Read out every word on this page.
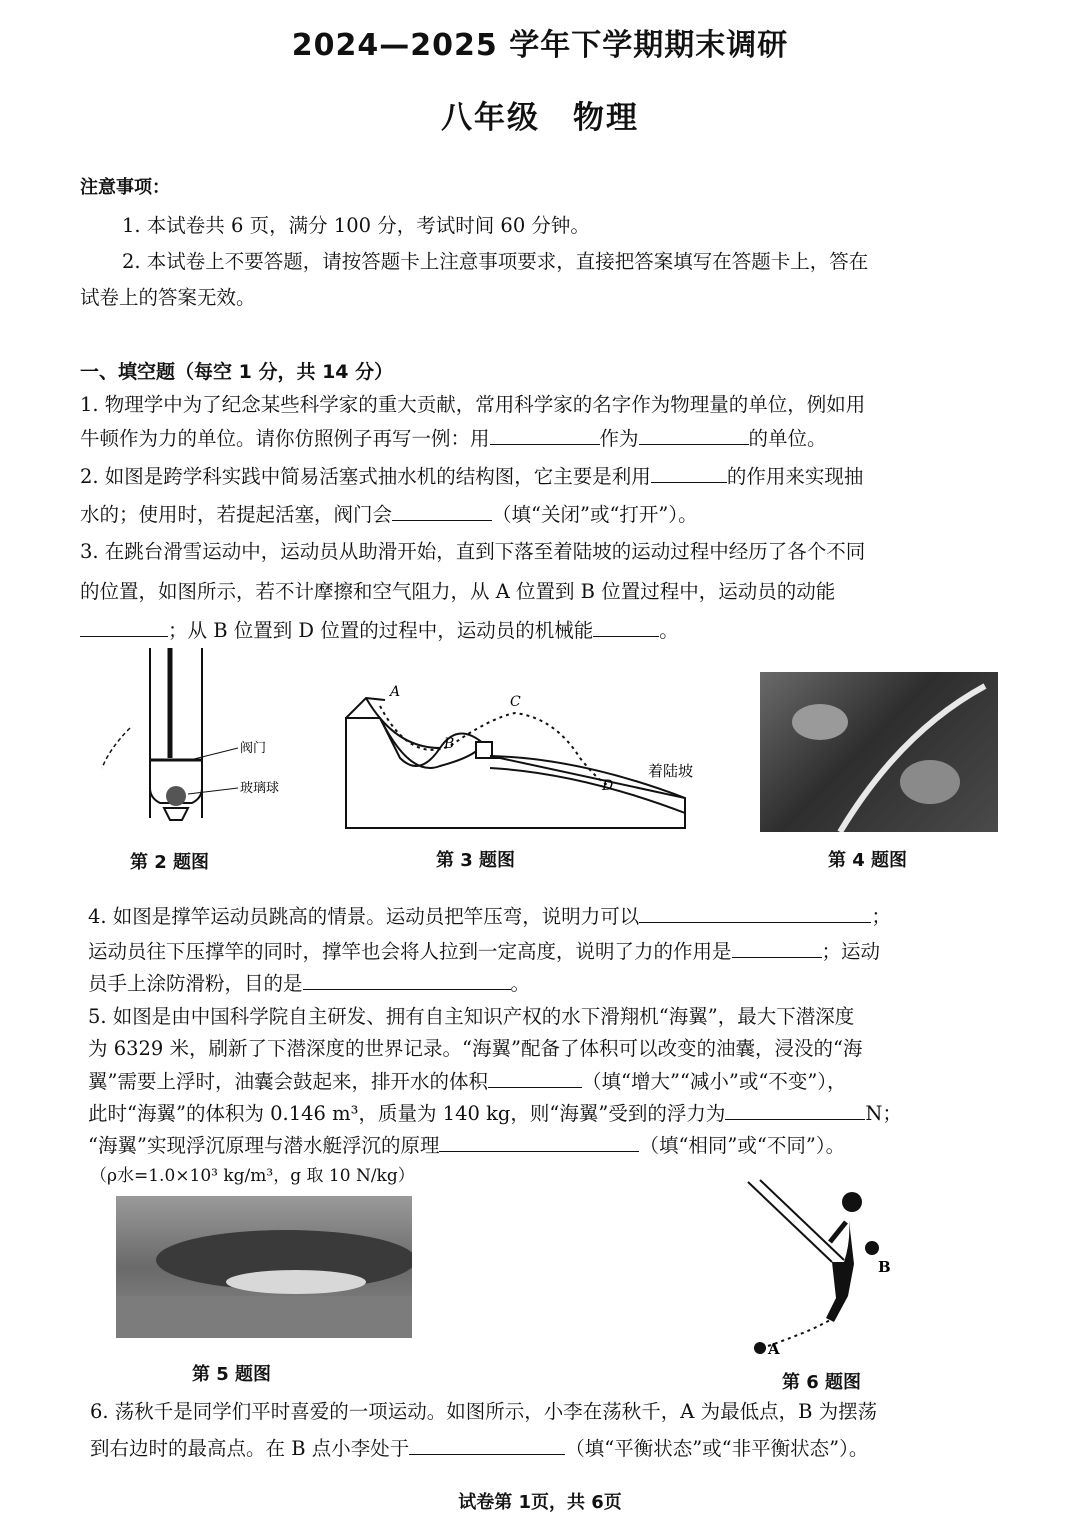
2024—2025 学年下学期期末调研
八年级　物理
注意事项：
1. 本试卷共 6 页，满分 100 分，考试时间 60 分钟。
2. 本试卷上不要答题，请按答题卡上注意事项要求，直接把答案填写在答题卡上，答在
试卷上的答案无效。
一、填空题（每空 1 分，共 14 分）
1. 物理学中为了纪念某些科学家的重大贡献，常用科学家的名字作为物理量的单位，例如用
牛顿作为力的单位。请你仿照例子再写一例：用	作为	的单位。
2. 如图是跨学科实践中简易活塞式抽水机的结构图，它主要是利用	的作用来实现抽
水的；使用时，若提起活塞，阀门会	（填“关闭”或“打开”）。
3. 在跳台滑雪运动中，运动员从助滑开始，直到下落至着陆坡的运动过程中经历了各个不同
的位置，如图所示，若不计摩擦和空气阻力，从 A 位置到 B 位置过程中，运动员的动能
；从 B 位置到 D 位置的过程中，运动员的机械能	。
阀门
玻璃球
第 2 题图
A
B
C
D
着陆坡
第 3 题图	第 4 题图
4. 如图是撑竿运动员跳高的情景。运动员把竿压弯，说明力可以	；
运动员往下压撑竿的同时，撑竿也会将人拉到一定高度，说明了力的作用是	；运动
员手上涂防滑粉，目的是	。
5. 如图是由中国科学院自主研发、拥有自主知识产权的水下滑翔机“海翼”，最大下潜深度
为 6329 米，刷新了下潜深度的世界记录。“海翼”配备了体积可以改变的油囊，浸没的“海
翼”需要上浮时，油囊会鼓起来，排开水的体积	（填“增大”“减小”或“不变”），
此时“海翼”的体积为 0.146 m³，质量为 140 kg，则“海翼”受到的浮力为	N；
“海翼”实现浮沉原理与潜水艇浮沉的原理	（填“相同”或“不同”）。
（ρ水=1.0×10³ kg/m³，g 取 10 N/kg）
第 5 题图
A
B
第 6 题图
6. 荡秋千是同学们平时喜爱的一项运动。如图所示，小李在荡秋千，A 为最低点，B 为摆荡
到右边时的最高点。在 B 点小李处于	（填“平衡状态”或“非平衡状态”）。
试卷第 1页，共 6页
